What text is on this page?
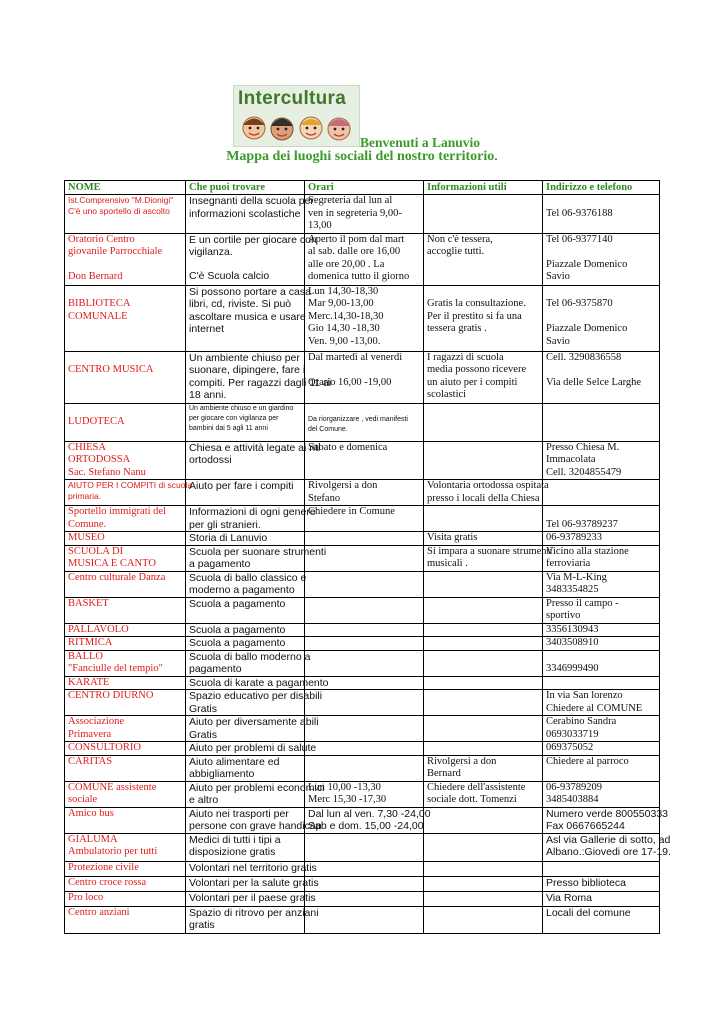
Intercultura
Benvenuti a Lanuvio
Mappa dei luoghi sociali del nostro territorio.
NOME	Che puoi trovare	Orari	Informazioni utili	Indirizzo e telefono

Ist.Comprensivo "M.Dionigi"
C'è uno sportello di ascolto	Insegnanti della scuola per
informazioni scolastiche	Segreteria dal lun al
ven in segreteria 9,00-
13,00		Tel 06-9376188

Oratorio Centro
giovanile Parrocchiale
Don Bernard	E un cortile per giocare con
vigilanza.
C'è Scuola calcio	Aperto il pom dal mart
al sab. dalle ore 16,00
alle ore 20,00 . La
domenica tutto il giorno	Non c'è tessera,
accoglie tutti.	Tel 06-9377140
Piazzale Domenico
Savio

BIBLIOTECA
COMUNALE	Si possono portare a casa
libri, cd, riviste. Si può
ascoltare musica e usare
internet	Lun 14,30-18,30
Mar 9,00-13,00
Merc.14,30-18,30
Gio 14,30 -18,30
Ven. 9,00 -13,00.	Gratis la consultazione.
Per il prestito si fa una
tessera gratis .	Tel 06-9375870
Piazzale Domenico
Savio

CENTRO MUSICA	Un ambiente chiuso per
suonare, dipingere, fare i
compiti. Per ragazzi dagli 11 ai
18 anni.	Dal martedì al venerdì
Orario 16,00 -19,00	I ragazzi di scuola
media possono ricevere
un aiuto per i compiti
scolastici	Cell. 3290836558
Via delle Selce Larghe

LUDOTECA	Un ambiente chiuso e un giardino
per giocare con vigilanza per
bambini dai 5 agli 11 anni	Da riorganizzare , vedi manifesti
del Comune.		

CHIESA
ORTODOSSA
Sac. Stefano Nanu	Chiesa e attività legate ai riti
ortodossi	Sabato e domenica		Presso Chiesa M.
Immacolata
Cell. 3204855479

AIUTO PER I COMPITI di scuola
primaria.	Aiuto per fare i compiti	Rivolgersi a don
Stefano	Volontaria ortodossa ospitata
presso i locali della Chiesa	

Sportello immigrati del
Comune.	Informazioni di ogni genere
per gli stranieri.	Chiedere in Comune		Tel 06-93789237

MUSEO	Storia di Lanuvio		Visita gratis	06-93789233

SCUOLA DI
MUSICA E CANTO	Scuola per suonare strumenti
a pagamento		Si impara a suonare strumenti
musicali .	Vicino alla stazione
ferroviaria

Centro culturale Danza	Scuola di ballo classico e
moderno a pagamento			Via M-L-King
3483354825

BASKET	Scuola a pagamento			Presso il campo -
sportivo

PALLAVOLO	Scuola a pagamento			3356130943

RITMICA	Scuola a pagamento			3403508910

BALLO
"Fanciulle del tempio"	Scuola di ballo moderno a
pagamento			3346999490

KARATE	Scuola di karate a pagamento			

CENTRO DIURNO	Spazio educativo per disabili
Gratis			In via San lorenzo
Chiedere al COMUNE

Associazione
Primavera	Aiuto per diversamente abili
Gratis			Cerabino Sandra
0693033719

CONSULTORIO	Aiuto per problemi di salute			069375052

CARITAS	Aiuto alimentare ed
abbigliamento		Rivolgersi a don
Bernard	Chiedere al parroco

COMUNE assistente
sociale	Aiuto per problemi economici
e altro	Lun 10,00 -13,30
Merc 15,30 -17,30	Chiedere dell'assistente
sociale dott. Tomenzi	06-93789209
3485403884

Amico bus	Aiuto nei trasporti per
persone con grave handicap	Dal lun al ven. 7,30 -24,00
Sab e dom. 15,00 -24,00		Numero verde 800550333
Fax 0667665244

GIALUMA
Ambulatorio per tutti	Medici di tutti i tipi a
disposizione gratis			Asl via Gallerie di sotto, ad
Albano.:Giovedi ore 17-19.

Protezione civile	Volontari nel territorio gratis			

Centro croce rossa	Volontari per la salute gratis			Presso biblioteca

Pro loco	Volontari per il paese gratis			Via Roma

Centro anziani	Spazio di ritrovo per anziani
gratis			Locali del comune
